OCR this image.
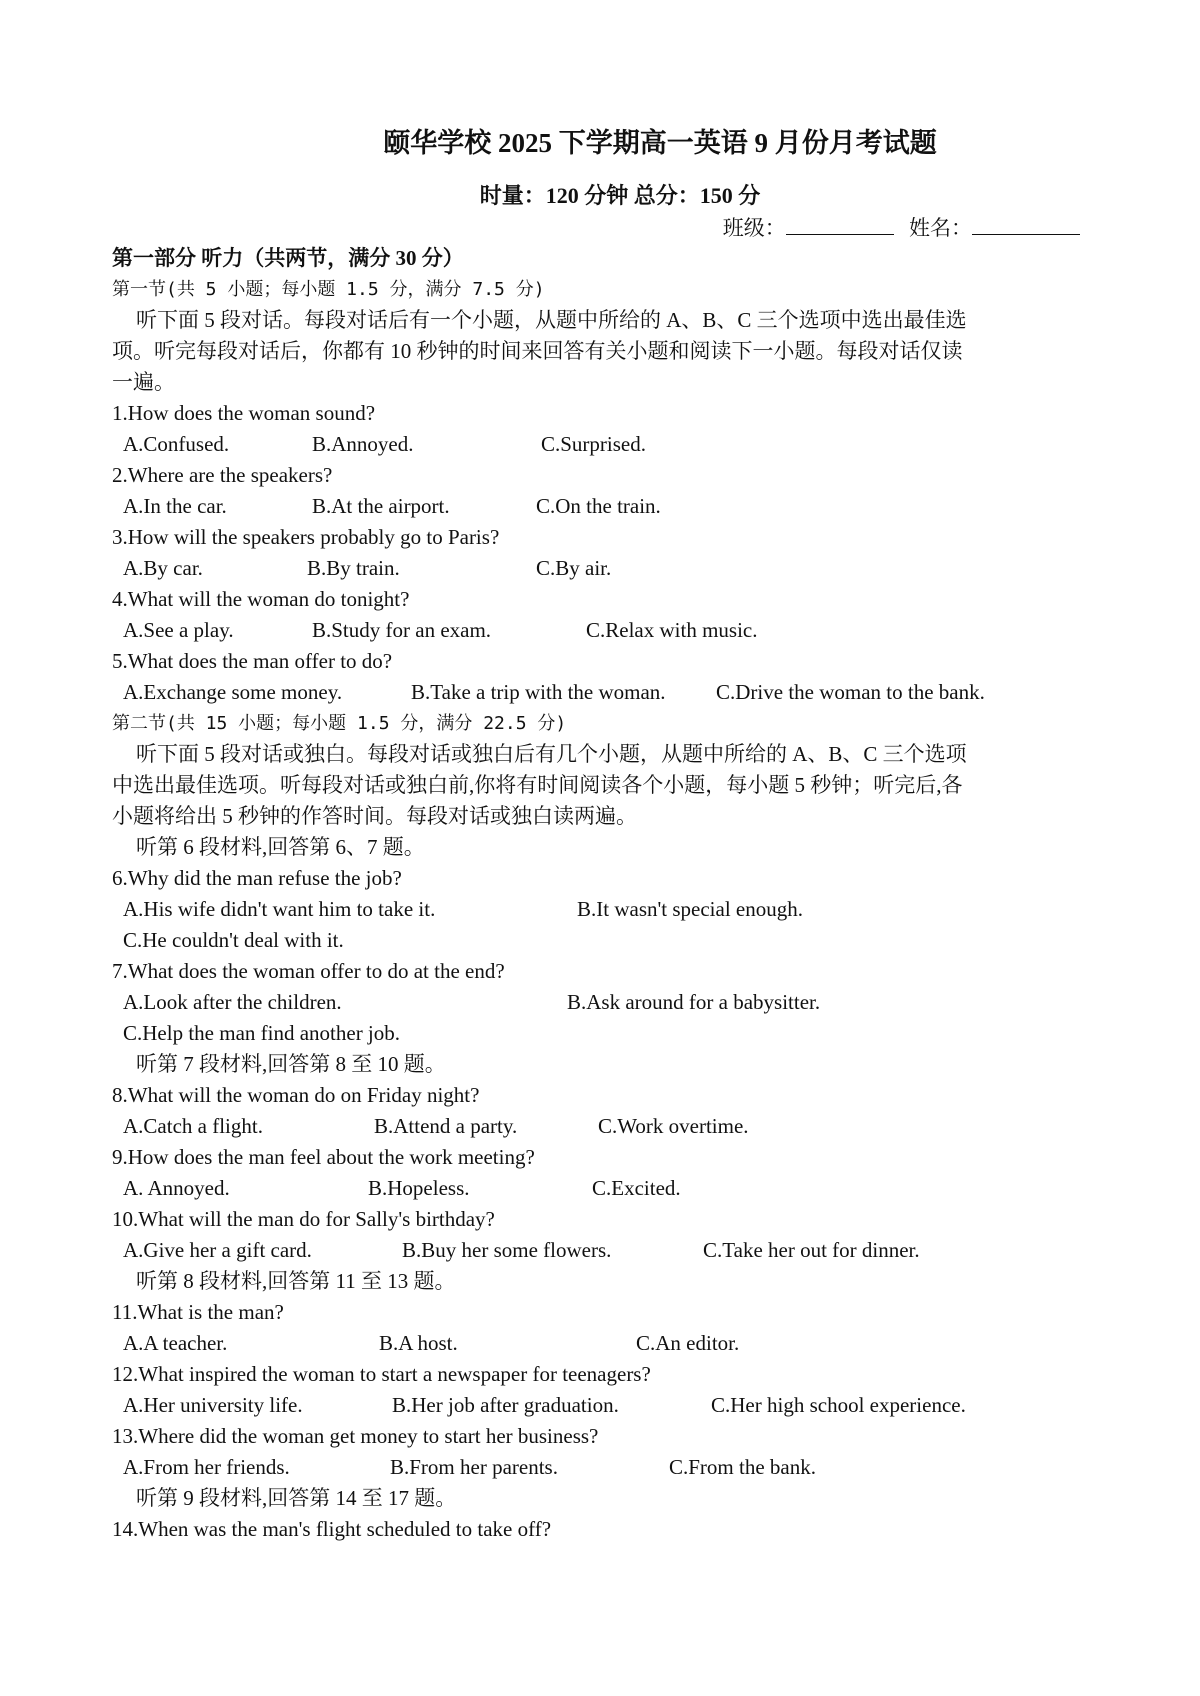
颐华学校 2025 下学期高一英语 9 月份月考试题
时量：120 分钟 总分：150 分
班级：	姓名：
第一部分 听力（共两节，满分 30 分）
第一节(共 5 小题；每小题 1.5 分，满分 7.5 分)
听下面 5 段对话。每段对话后有一个小题，从题中所给的 A、B、C 三个选项中选出最佳选
项。听完每段对话后，你都有 10 秒钟的时间来回答有关小题和阅读下一小题。每段对话仅读
一遍。
1.How does the woman sound?
A.Confused.	B.Annoyed.	C.Surprised.
2.Where are the speakers?
A.In the car.	B.At the airport.	C.On the train.
3.How will the speakers probably go to Paris?
A.By car.	B.By train.	C.By air.
4.What will the woman do tonight?
A.See a play.	B.Study for an exam.	C.Relax with music.
5.What does the man offer to do?
A.Exchange some money.	B.Take a trip with the woman. C.Drive the woman to the bank.
第二节(共 15 小题；每小题 1.5 分，满分 22.5 分)
听下面 5 段对话或独白。每段对话或独白后有几个小题，从题中所给的 A、B、C 三个选项
中选出最佳选项。听每段对话或独白前,你将有时间阅读各个小题，每小题 5 秒钟；听完后,各
小题将给出 5 秒钟的作答时间。每段对话或独白读两遍。
听第 6 段材料,回答第 6、7 题。
6.Why did the man refuse the job?
A.His wife didn't want him to take it.	B.It wasn't special enough.
C.He couldn't deal with it.
7.What does the woman offer to do at the end?
A.Look after the children.	B.Ask around for a babysitter.
C.Help the man find another job.
听第 7 段材料,回答第 8 至 10 题。
8.What will the woman do on Friday night?
A.Catch a flight.	B.Attend a party.	C.Work overtime.
9.How does the man feel about the work meeting?
A. Annoyed.	B.Hopeless.	C.Excited.
10.What will the man do for Sally's birthday?
A.Give her a gift card.	B.Buy her some flowers.	C.Take her out for dinner.
听第 8 段材料,回答第 11 至 13 题。
11.What is the man?
A.A teacher.	B.A host.	C.An editor.
12.What inspired the woman to start a newspaper for teenagers?
A.Her university life.	B.Her job after graduation.	C.Her high school experience.
13.Where did the woman get money to start her business?
A.From her friends.	B.From her parents.	C.From the bank.
听第 9 段材料,回答第 14 至 17 题。
14.When was the man's flight scheduled to take off?
